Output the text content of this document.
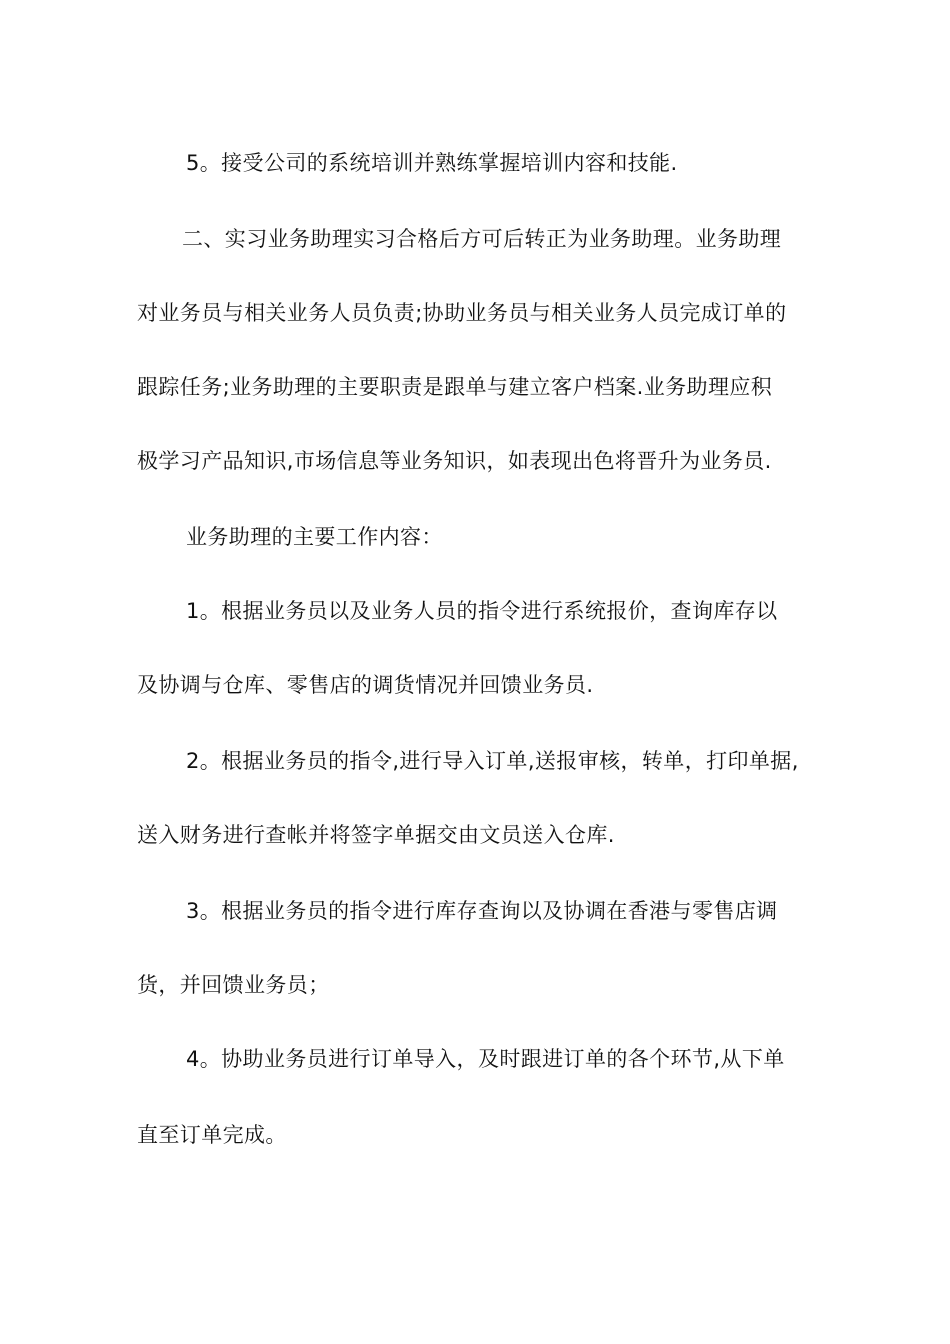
5。接受公司的系统培训并熟练掌握培训内容和技能.
二、实习业务助理实习合格后方可后转正为业务助理。业务助理
对业务员与相关业务人员负责;协助业务员与相关业务人员完成订单的
跟踪任务;业务助理的主要职责是跟单与建立客户档案.业务助理应积
极学习产品知识,市场信息等业务知识，如表现出色将晋升为业务员.
业务助理的主要工作内容：
1。根据业务员以及业务人员的指令进行系统报价，查询库存以
及协调与仓库、零售店的调货情况并回馈业务员.
2。根据业务员的指令,进行导入订单,送报审核，转单，打印单据,
送入财务进行查帐并将签字单据交由文员送入仓库.
3。根据业务员的指令进行库存查询以及协调在香港与零售店调
货，并回馈业务员；
4。协助业务员进行订单导入，及时跟进订单的各个环节,从下单
直至订单完成。
